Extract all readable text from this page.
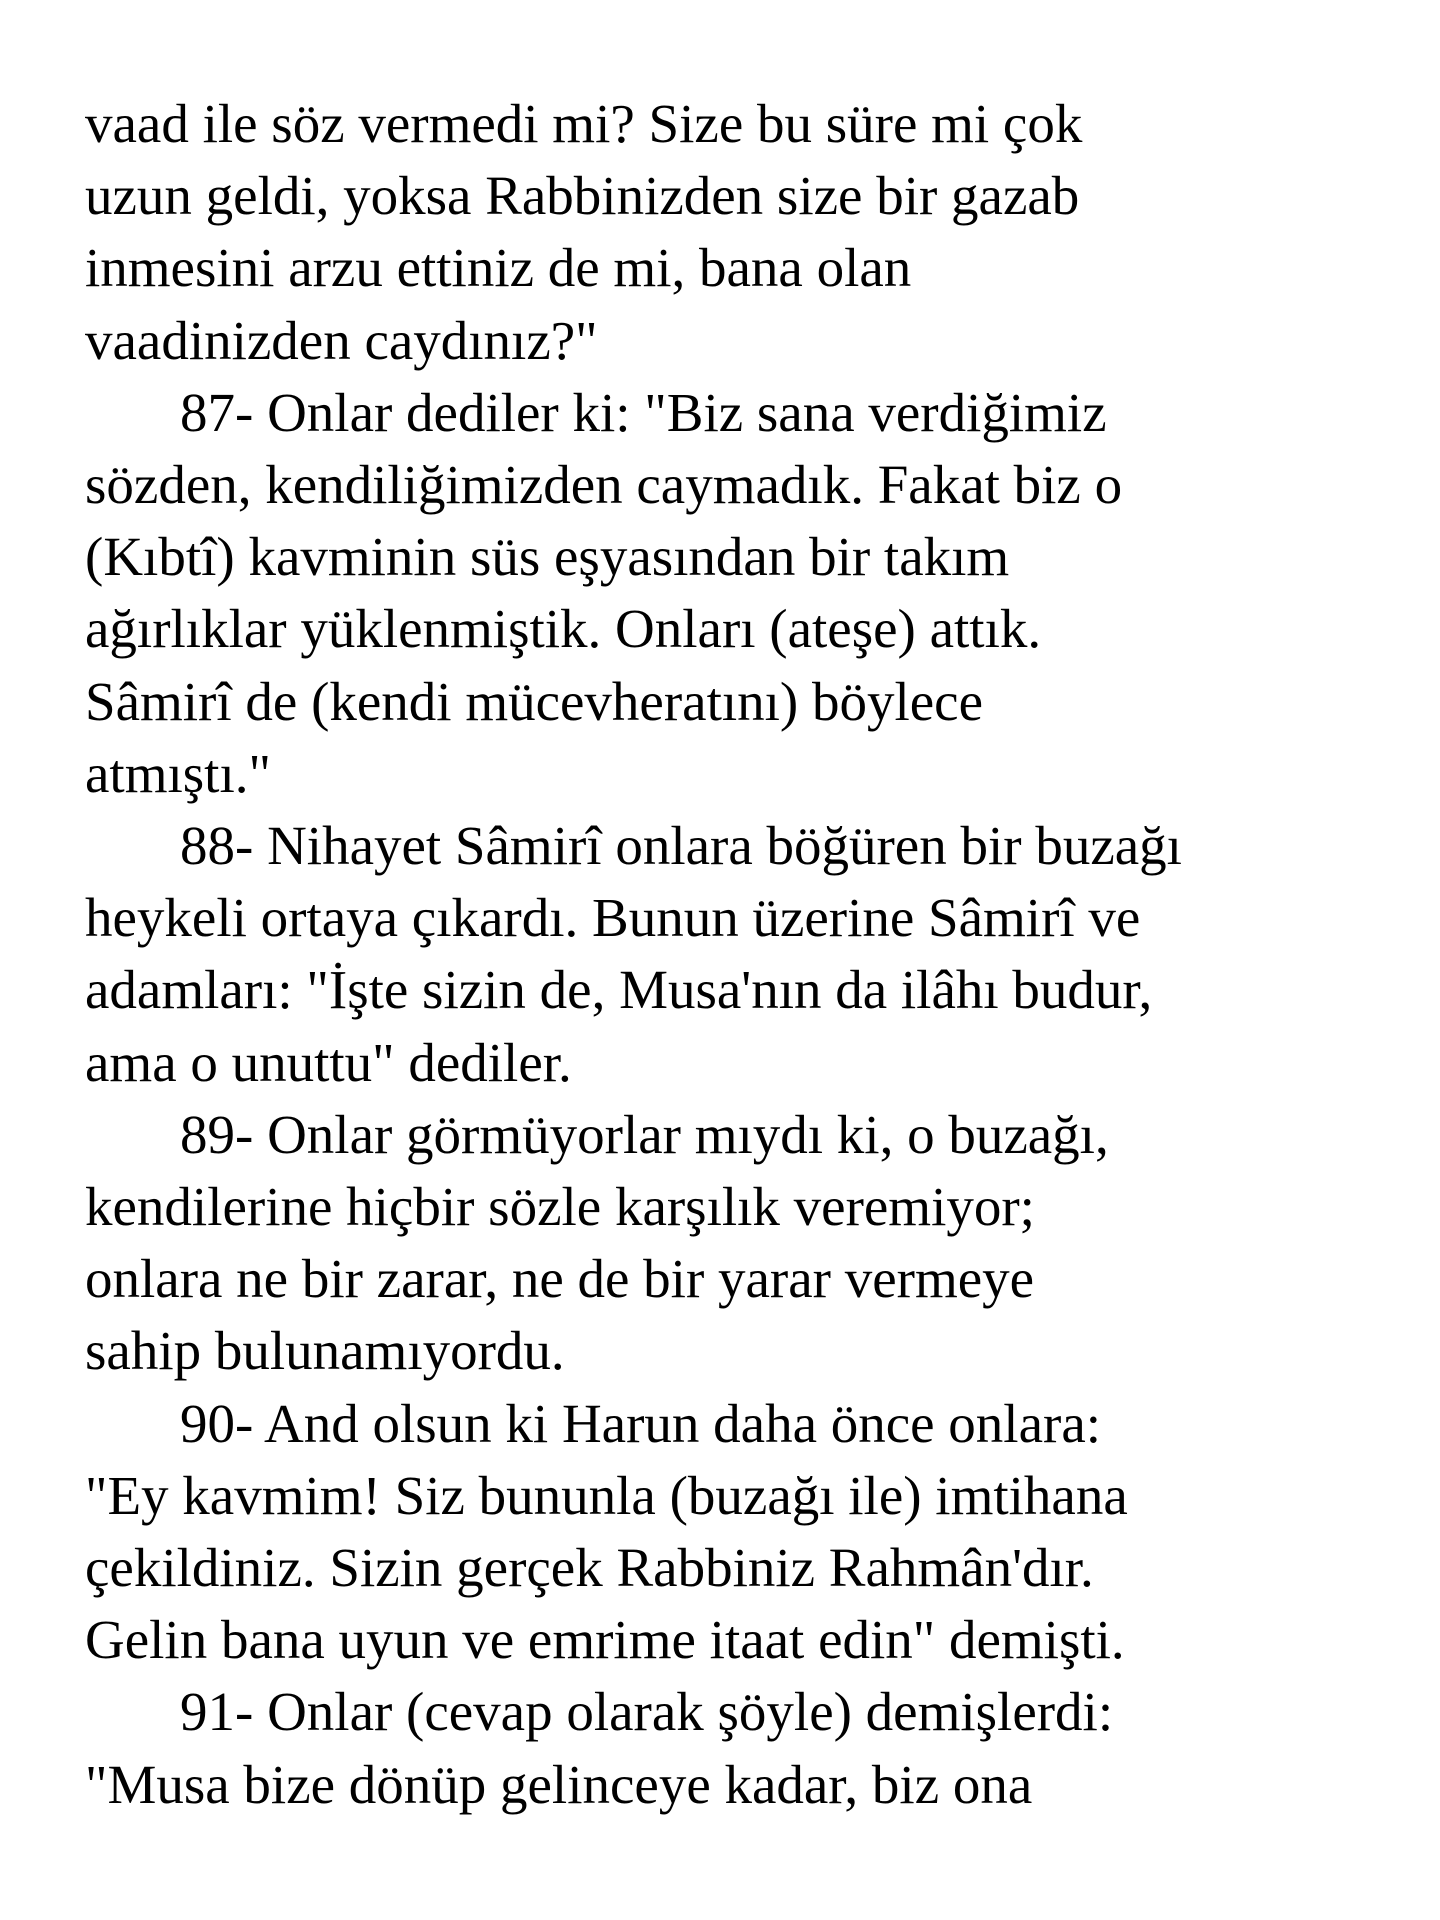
vaad ile söz vermedi mi? Size bu süre mi çok
uzun geldi, yoksa Rabbinizden size bir gazab
inmesini arzu ettiniz de mi, bana olan
vaadinizden caydınız?"
87- Onlar dediler ki: "Biz sana verdiğimiz
sözden, kendiliğimizden caymadık. Fakat biz o
(Kıbtî) kavminin süs eşyasından bir takım
ağırlıklar yüklenmiştik. Onları (ateşe) attık.
Sâmirî de (kendi mücevheratını) böylece
atmıştı."
88- Nihayet Sâmirî onlara böğüren bir buzağı
heykeli ortaya çıkardı. Bunun üzerine Sâmirî ve
adamları: "İşte sizin de, Musa'nın da ilâhı budur,
ama o unuttu" dediler.
89- Onlar görmüyorlar mıydı ki, o buzağı,
kendilerine hiçbir sözle karşılık veremiyor;
onlara ne bir zarar, ne de bir yarar vermeye
sahip bulunamıyordu.
90- And olsun ki Harun daha önce onlara:
"Ey kavmim! Siz bununla (buzağı ile) imtihana
çekildiniz. Sizin gerçek Rabbiniz Rahmân'dır.
Gelin bana uyun ve emrime itaat edin" demişti.
91- Onlar (cevap olarak şöyle) demişlerdi:
"Musa bize dönüp gelinceye kadar, biz ona
